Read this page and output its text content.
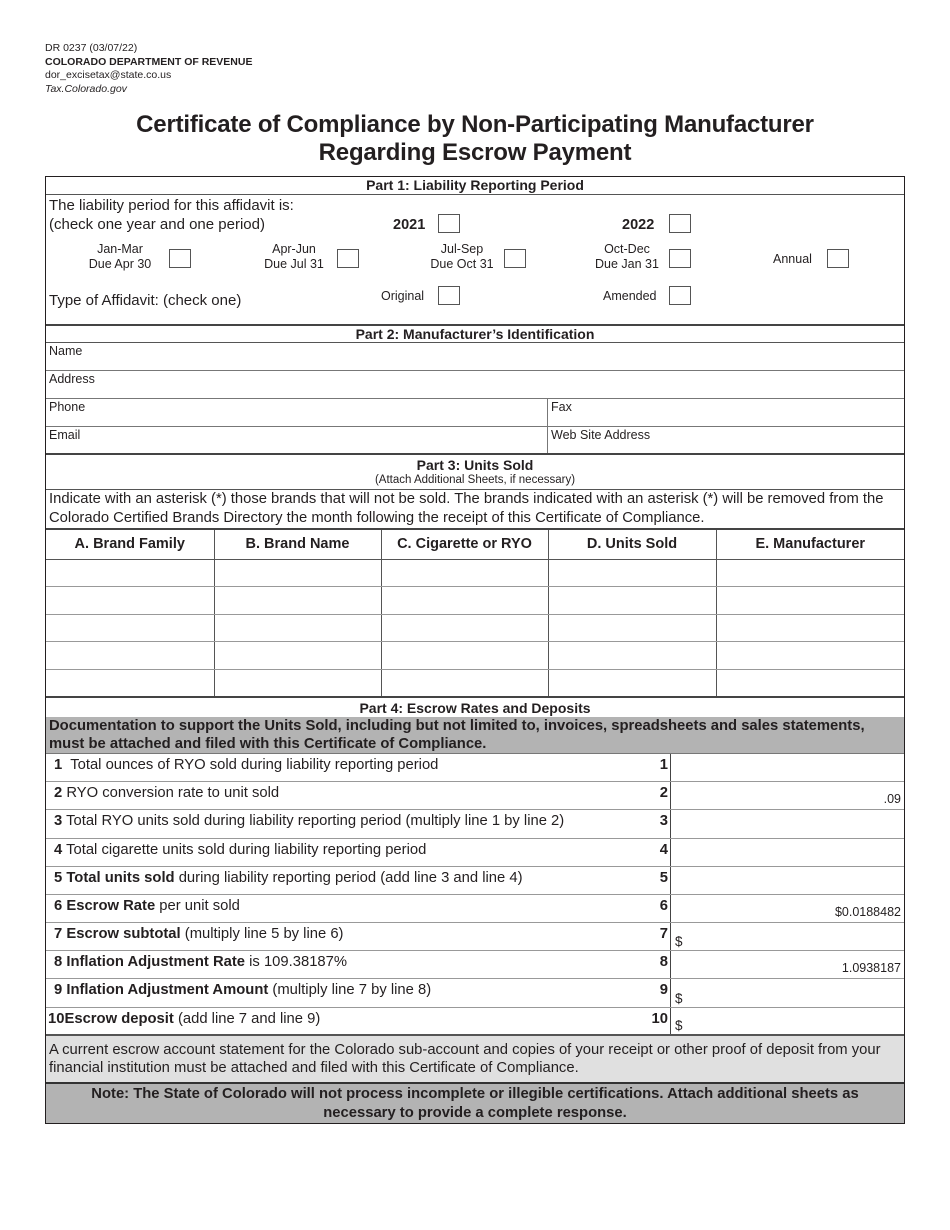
DR 0237 (03/07/22)
COLORADO DEPARTMENT OF REVENUE
dor_excisetax@state.co.us
Tax.Colorado.gov
Certificate of Compliance by Non-Participating Manufacturer
Regarding Escrow Payment
Part 1: Liability Reporting Period
The liability period for this affidavit is:
(check one year and one period)	2021	2022
Jan-Mar
Due Apr 30
Apr-Jun
Due Jul 31
Jul-Sep
Due Oct 31
Oct-Dec
Due Jan 31	Annual
Type of Affidavit: (check one)	Original	Amended
Part 2: Manufacturer’s Identification
Name
Address
Phone	Fax
Email	Web Site Address
Part 3: Units Sold
(Attach Additional Sheets, if necessary)
Indicate with an asterisk (*) those brands that will not be sold. The brands indicated with an asterisk (*) will be removed from the Colorado Certified Brands Directory the month following the receipt of this Certificate of Compliance.
A. Brand Family	B. Brand Name	C. Cigarette or RYO	D. Units Sold	E. Manufacturer

Part 4: Escrow Rates and Deposits
Documentation to support the Units Sold, including but not limited to, invoices, spreadsheets and sales statements, must be attached and filed with this Certificate of Compliance.
1 Total ounces of RYO sold during liability reporting period	1
2 RYO conversion rate to unit sold	2	.09
3 Total RYO units sold during liability reporting period (multiply line 1 by line 2)	3
4 Total cigarette units sold during liability reporting period	4
5 Total units sold during liability reporting period (add line 3 and line 4)	5
6 Escrow Rate per unit sold	6	$0.0188482
7 Escrow subtotal (multiply line 5 by line 6)	7 $
8 Inflation Adjustment Rate is 109.38187%	8	1.0938187
9 Inflation Adjustment Amount (multiply line 7 by line 8)	9 $
10Escrow deposit (add line 7 and line 9)	10 $
A current escrow account statement for the Colorado sub-account and copies of your receipt or other proof of deposit from your financial institution must be attached and filed with this Certificate of Compliance.
Note: The State of Colorado will not process incomplete or illegible certifications. Attach additional sheets as necessary to provide a complete response.
